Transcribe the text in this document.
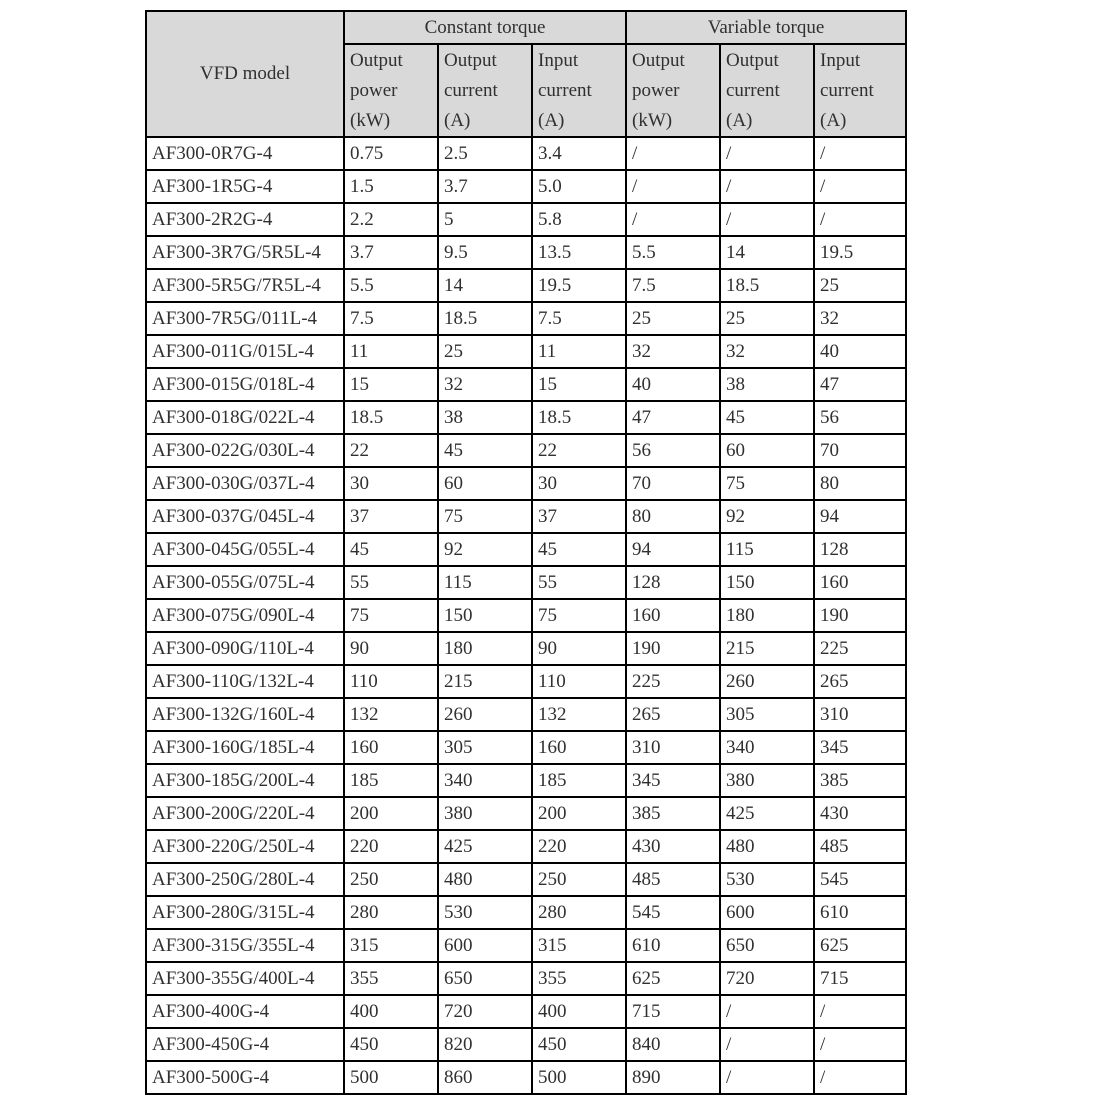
VFD model	Constant torque			Variable torque		
	Output power (kW)	Output current (A)	Input current (A)	Output power (kW)	Output current (A)	Input current (A)
AF300-0R7G-4	0.75	2.5	3.4	/	/	/
AF300-1R5G-4	1.5	3.7	5.0	/	/	/
AF300-2R2G-4	2.2	5	5.8	/	/	/
AF300-3R7G/5R5L-4	3.7	9.5	13.5	5.5	14	19.5
AF300-5R5G/7R5L-4	5.5	14	19.5	7.5	18.5	25
AF300-7R5G/011L-4	7.5	18.5	7.5	25	25	32
AF300-011G/015L-4	11	25	11	32	32	40
AF300-015G/018L-4	15	32	15	40	38	47
AF300-018G/022L-4	18.5	38	18.5	47	45	56
AF300-022G/030L-4	22	45	22	56	60	70
AF300-030G/037L-4	30	60	30	70	75	80
AF300-037G/045L-4	37	75	37	80	92	94
AF300-045G/055L-4	45	92	45	94	115	128
AF300-055G/075L-4	55	115	55	128	150	160
AF300-075G/090L-4	75	150	75	160	180	190
AF300-090G/110L-4	90	180	90	190	215	225
AF300-110G/132L-4	110	215	110	225	260	265
AF300-132G/160L-4	132	260	132	265	305	310
AF300-160G/185L-4	160	305	160	310	340	345
AF300-185G/200L-4	185	340	185	345	380	385
AF300-200G/220L-4	200	380	200	385	425	430
AF300-220G/250L-4	220	425	220	430	480	485
AF300-250G/280L-4	250	480	250	485	530	545
AF300-280G/315L-4	280	530	280	545	600	610
AF300-315G/355L-4	315	600	315	610	650	625
AF300-355G/400L-4	355	650	355	625	720	715
AF300-400G-4	400	720	400	715	/	/
AF300-450G-4	450	820	450	840	/	/
AF300-500G-4	500	860	500	890	/	/
